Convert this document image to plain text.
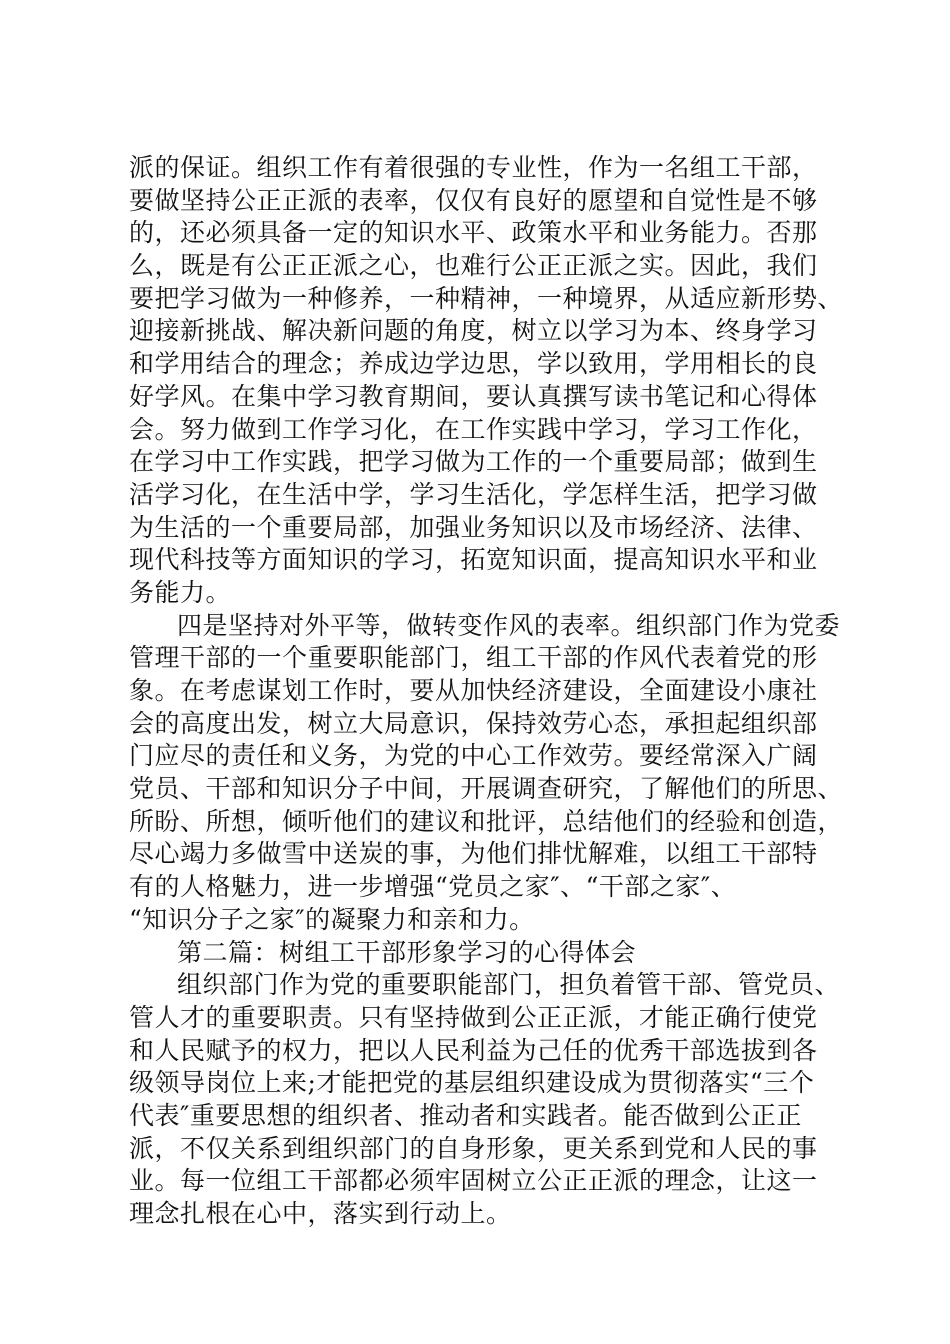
派的保证。组织工作有着很强的专业性，作为一名组工干部，
要做坚持公正正派的表率，仅仅有良好的愿望和自觉性是不够
的，还必须具备一定的知识水平、政策水平和业务能力。否那
么，既是有公正正派之心，也难行公正正派之实。因此，我们
要把学习做为一种修养，一种精神，一种境界，从适应新形势、
迎接新挑战、解决新问题的角度，树立以学习为本、终身学习
和学用结合的理念；养成边学边思，学以致用，学用相长的良
好学风。在集中学习教育期间，要认真撰写读书笔记和心得体
会。努力做到工作学习化，在工作实践中学习，学习工作化，
在学习中工作实践，把学习做为工作的一个重要局部；做到生
活学习化，在生活中学，学习生活化，学怎样生活，把学习做
为生活的一个重要局部，加强业务知识以及市场经济、法律、
现代科技等方面知识的学习，拓宽知识面，提高知识水平和业
务能力。
四是坚持对外平等，做转变作风的表率。组织部门作为党委
管理干部的一个重要职能部门，组工干部的作风代表着党的形
象。在考虑谋划工作时，要从加快经济建设，全面建设小康社
会的高度出发，树立大局意识，保持效劳心态，承担起组织部
门应尽的责任和义务，为党的中心工作效劳。要经常深入广阔
党员、干部和知识分子中间，开展调查研究，了解他们的所思、
所盼、所想，倾听他们的建议和批评，总结他们的经验和创造，
尽心竭力多做雪中送炭的事，为他们排忧解难，以组工干部特
有的人格魅力，进一步增强“党员之家″、“干部之家″、
“知识分子之家″的凝聚力和亲和力。
第二篇：树组工干部形象学习的心得体会
组织部门作为党的重要职能部门，担负着管干部、管党员、
管人才的重要职责。只有坚持做到公正正派，才能正确行使党
和人民赋予的权力，把以人民利益为己任的优秀干部选拔到各
级领导岗位上来;才能把党的基层组织建设成为贯彻落实“三个
代表″重要思想的组织者、推动者和实践者。能否做到公正正
派，不仅关系到组织部门的自身形象，更关系到党和人民的事
业。每一位组工干部都必须牢固树立公正正派的理念，让这一
理念扎根在心中，落实到行动上。
